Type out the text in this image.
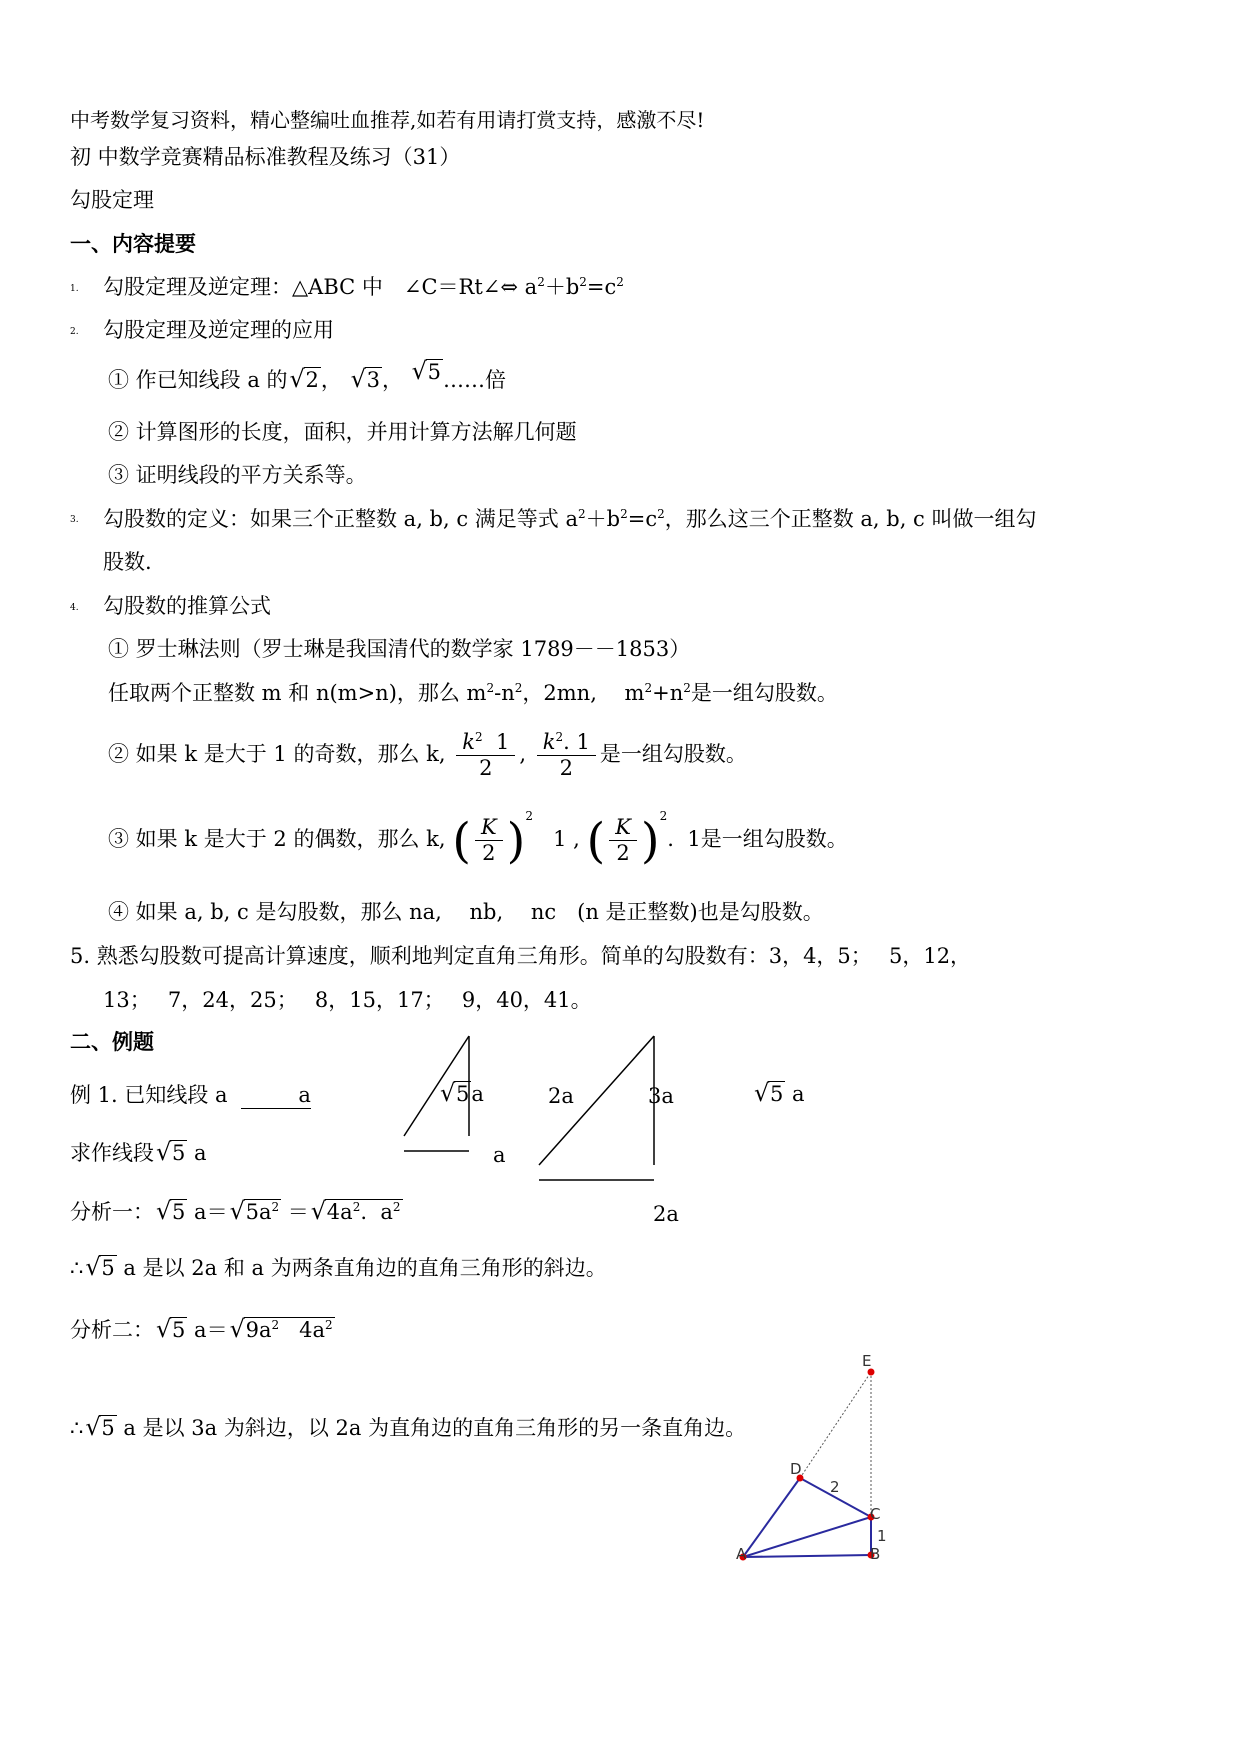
中考数学复习资料，精心整编吐血推荐,如若有用请打赏支持，感激不尽!
初 中数学竞赛精品标准教程及练习（31）
勾股定理
一、内容提要
1. 勾股定理及逆定理：△ABC 中　∠C＝Rt∠⇔ $a^2+b^2=c^2$
2. 勾股定理及逆定理的应用
① 作已知线段 a 的 √ 2， √ 3， √ 5……倍
② 计算图形的长度，面积，并用计算方法解几何题
③ 证明线段的平方关系等。
3. 勾股数的定义：如果三个正整数 a, b, c 满足等式 $a^2+b^2=c^2$，那么这三个正整数 a, b, c 叫做一组勾
股数.
4. 勾股数的推算公式
① 罗士琳法则（罗士琳是我国清代的数学家 1789－－1853）
任取两个正整数 m 和 n(m>n)，那么 $m^2-n^2$，2mn,　 $m^2+n^2$是一组勾股数。
② 如果 k 是大于 1 的奇数，那么 k, $\frac{k^2 1}{2}$ , $\frac{k^2. 1}{2}$ 是一组勾股数。
③ 如果 k 是大于 2 的偶数，那么 k, ( $\frac{K}{2} )^2$   1 , ( $\frac{K}{2} )^2$.  1是一组勾股数。
④ 如果 a, b, c 是勾股数，那么 na,　 nb,　 nc　(n 是正整数)也是勾股数。
5. 熟悉勾股数可提高计算速度，顺利地判定直角三角形。简单的勾股数有：3，4，5；　 5，12，
13；　 7，24，25；　 8，15，17；　 9，40，41。
二、例题
例 1. 已知线段 a	a
求作线段 √ 5 a
√ 5a	2a	3a	√ 5 a
a
2a
分析一： √ 5 a＝ √ $5a^2$ ＝ √ $4a^2$.  $a^2$
∴ √ 5 a 是以 2a 和 a 为两条直角边的直角三角形的斜边。
分析二： √ 5 a＝ √ $9a^2$ $4a^2$
∴ √ 5 a 是以 3a 为斜边，以 2a 为直角边的直角三角形的另一条直角边。
E
D
C
A	B
2
1
